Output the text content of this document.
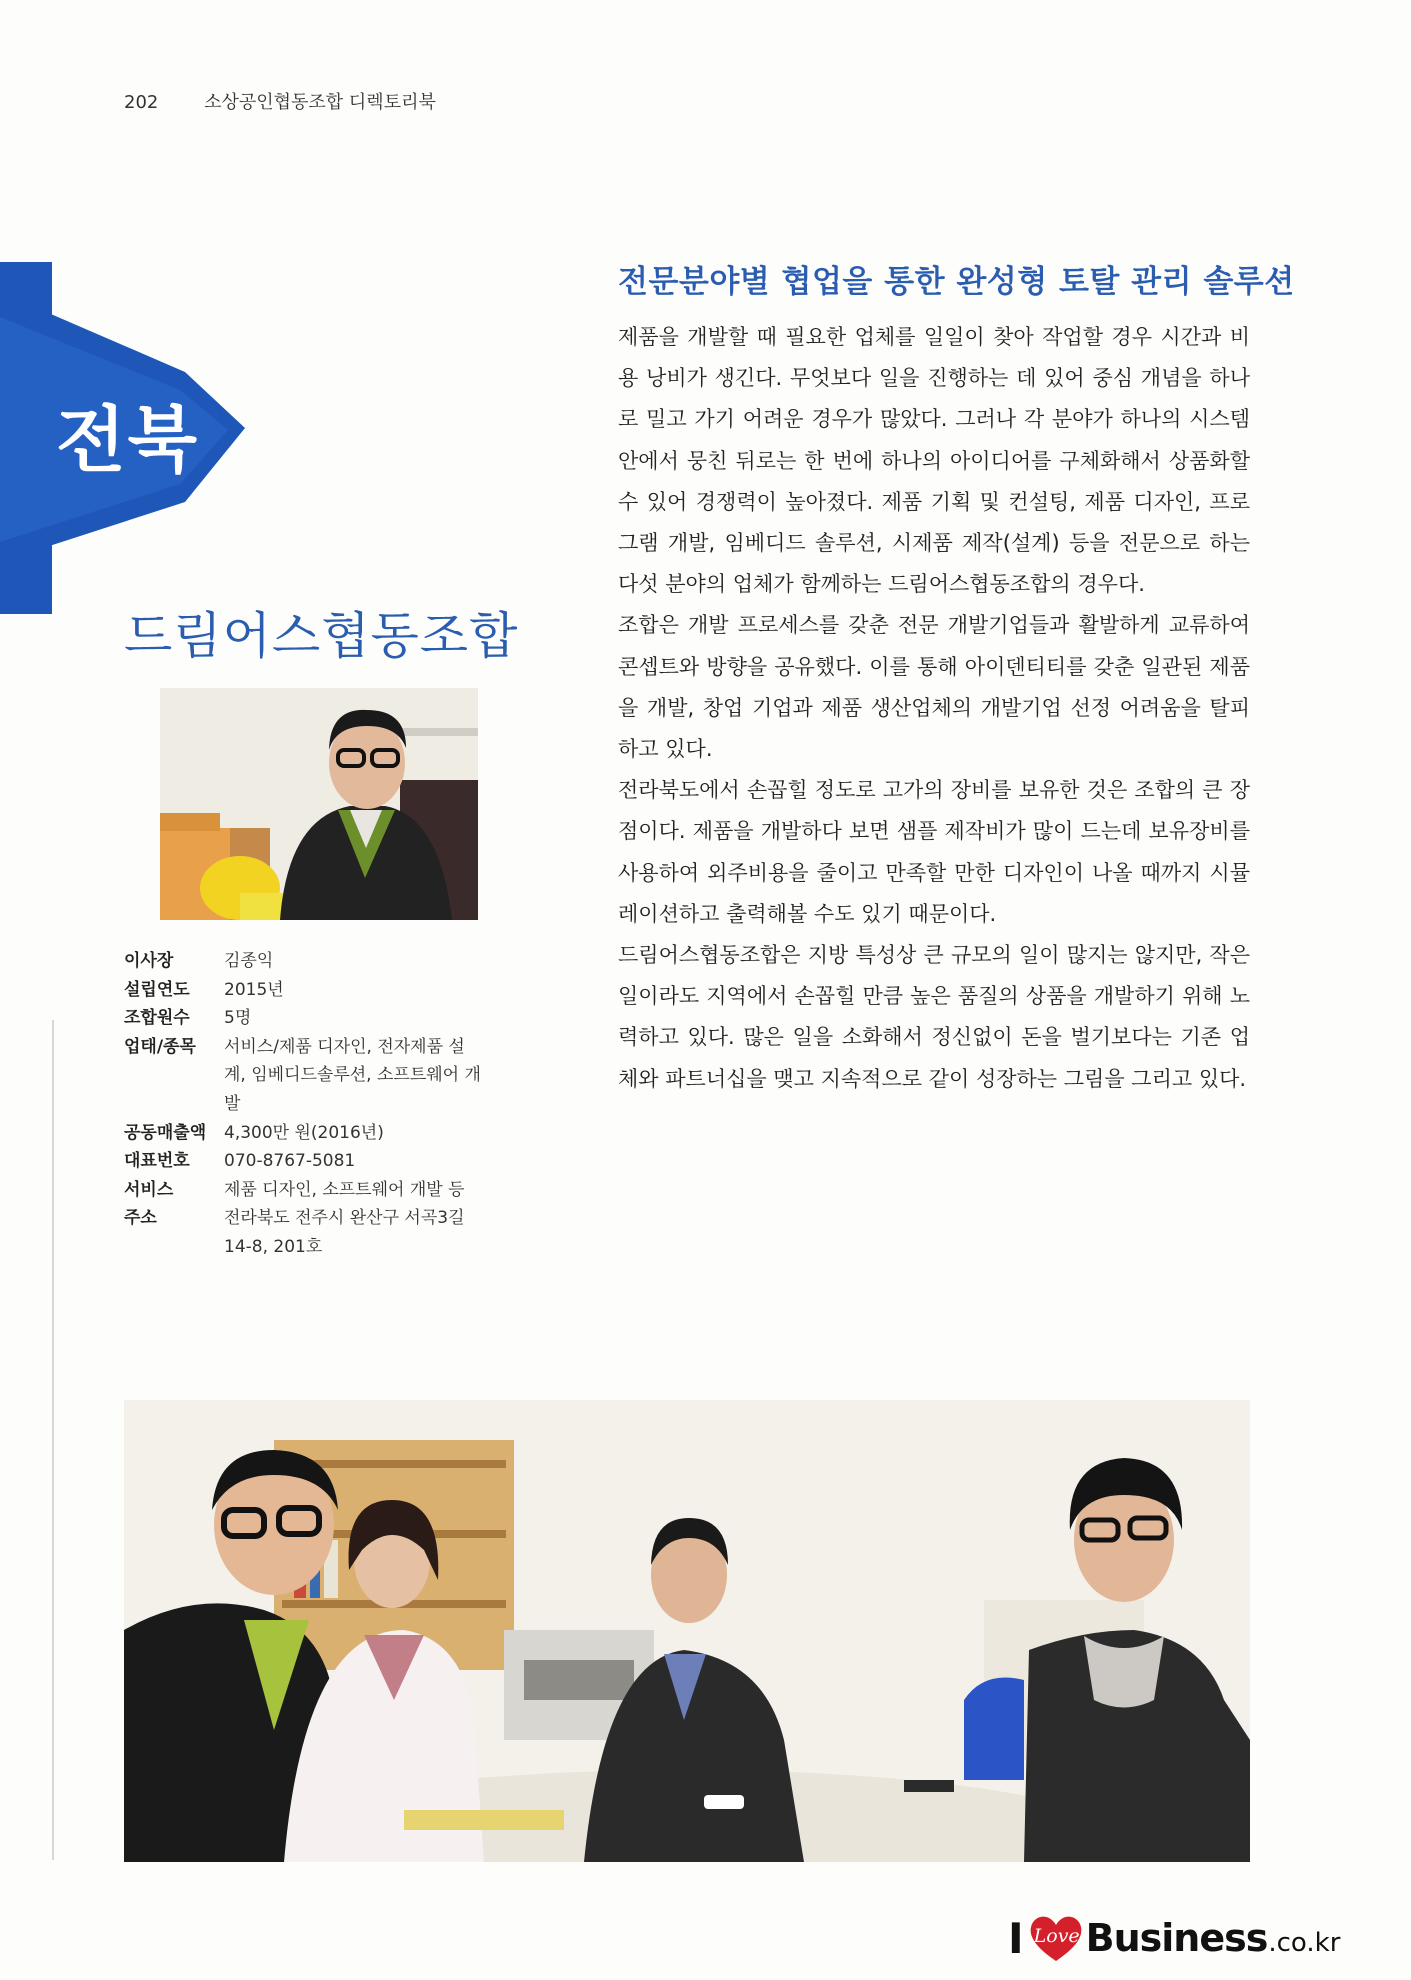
202	소상공인협동조합 디렉토리북
전북
드림어스협동조합
이사장	김종익
설립연도	2015년
조합원수	5명
업태/종목	서비스/제품 디자인, 전자제품 설계, 임베디드솔루션, 소프트웨어 개발
공동매출액	4,300만 원(2016년)
대표번호	070-8767-5081
서비스	제품 디자인, 소프트웨어 개발 등
주소	전라북도 전주시 완산구 서곡3길 14-8, 201호
전문분야별 협업을 통한 완성형 토탈 관리 솔루션

제품을 개발할 때 필요한 업체를 일일이 찾아 작업할 경우 시간과 비용 낭비가 생긴다. 무엇보다 일을 진행하는 데 있어 중심 개념을 하나로 밀고 가기 어려운 경우가 많았다. 그러나 각 분야가 하나의 시스템 안에서 뭉친 뒤로는 한 번에 하나의 아이디어를 구체화해서 상품화할 수 있어 경쟁력이 높아졌다. 제품 기획 및 컨설팅, 제품 디자인, 프로그램 개발, 임베디드 솔루션, 시제품 제작(설계) 등을 전문으로 하는 다섯 분야의 업체가 함께하는 드림어스협동조합의 경우다.

조합은 개발 프로세스를 갖춘 전문 개발기업들과 활발하게 교류하여 콘셉트와 방향을 공유했다. 이를 통해 아이덴티티를 갖춘 일관된 제품을 개발, 창업 기업과 제품 생산업체의 개발기업 선정 어려움을 탈피하고 있다.

전라북도에서 손꼽힐 정도로 고가의 장비를 보유한 것은 조합의 큰 장점이다. 제품을 개발하다 보면 샘플 제작비가 많이 드는데 보유장비를 사용하여 외주비용을 줄이고 만족할 만한 디자인이 나올 때까지 시뮬레이션하고 출력해볼 수도 있기 때문이다.

드림어스협동조합은 지방 특성상 큰 규모의 일이 많지는 않지만, 작은 일이라도 지역에서 손꼽힐 만큼 높은 품질의 상품을 개발하기 위해 노력하고 있다. 많은 일을 소화해서 정신없이 돈을 벌기보다는 기존 업체와 파트너십을 맺고 지속적으로 같이 성장하는 그림을 그리고 있다.

I Love Business .co.kr
